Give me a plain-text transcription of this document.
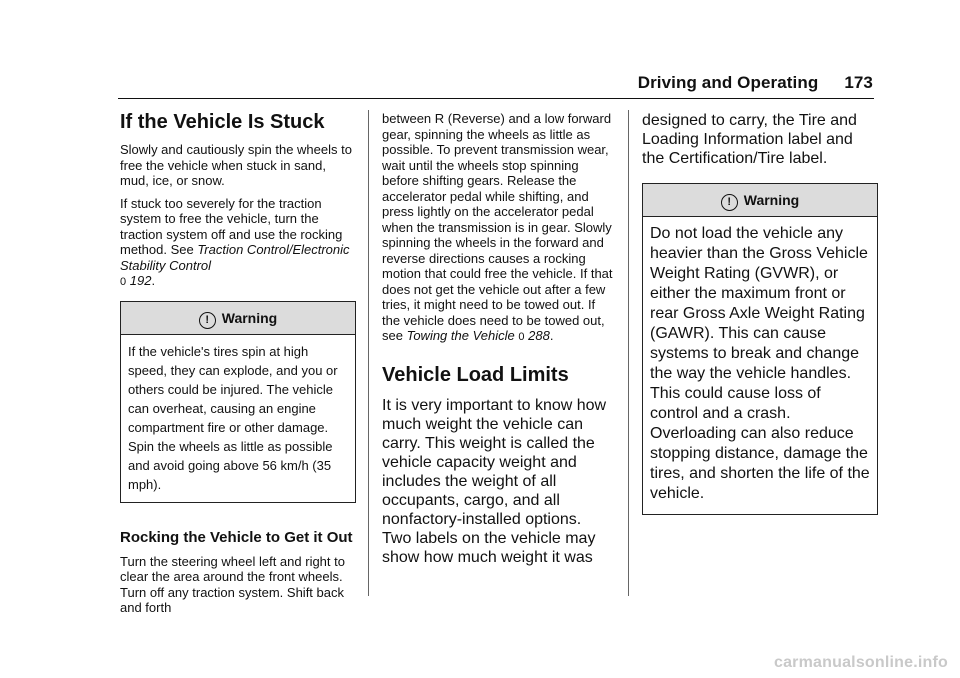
Driving and Operating 173
If the Vehicle Is Stuck

Slowly and cautiously spin the wheels to free the vehicle when stuck in sand, mud, ice, or snow.

If stuck too severely for the traction system to free the vehicle, turn the traction system off and use the rocking method. See Traction Control/Electronic Stability Control
0 192.

! Warning
If the vehicle's tires spin at high speed, they can explode, and you or others could be injured. The vehicle can overheat, causing an engine compartment fire or other damage. Spin the wheels as little as possible and avoid going above 56 km/h (35 mph).
Rocking the Vehicle to Get it Out

Turn the steering wheel left and right to clear the area around the front wheels. Turn off any traction system. Shift back and forth

between R (Reverse) and a low forward gear, spinning the wheels as little as possible. To prevent transmission wear, wait until the wheels stop spinning before shifting gears. Release the accelerator pedal while shifting, and press lightly on the accelerator pedal when the transmission is in gear. Slowly spinning the wheels in the forward and reverse directions causes a rocking motion that could free the vehicle. If that does not get the vehicle out after a few tries, it might need to be towed out. If the vehicle does need to be towed out, see Towing the Vehicle 0 288.

Vehicle Load Limits

It is very important to know how much weight the vehicle can carry. This weight is called the vehicle capacity weight and includes the weight of all occupants, cargo, and all nonfactory-installed options. Two labels on the vehicle may show how much weight it was

designed to carry, the Tire and Loading Information label and the Certification/Tire label.

! Warning
Do not load the vehicle any heavier than the Gross Vehicle Weight Rating (GVWR), or either the maximum front or rear Gross Axle Weight Rating (GAWR). This can cause systems to break and change the way the vehicle handles. This could cause loss of control and a crash. Overloading can also reduce stopping distance, damage the tires, and shorten the life of the vehicle.
carmanualsonline.info
